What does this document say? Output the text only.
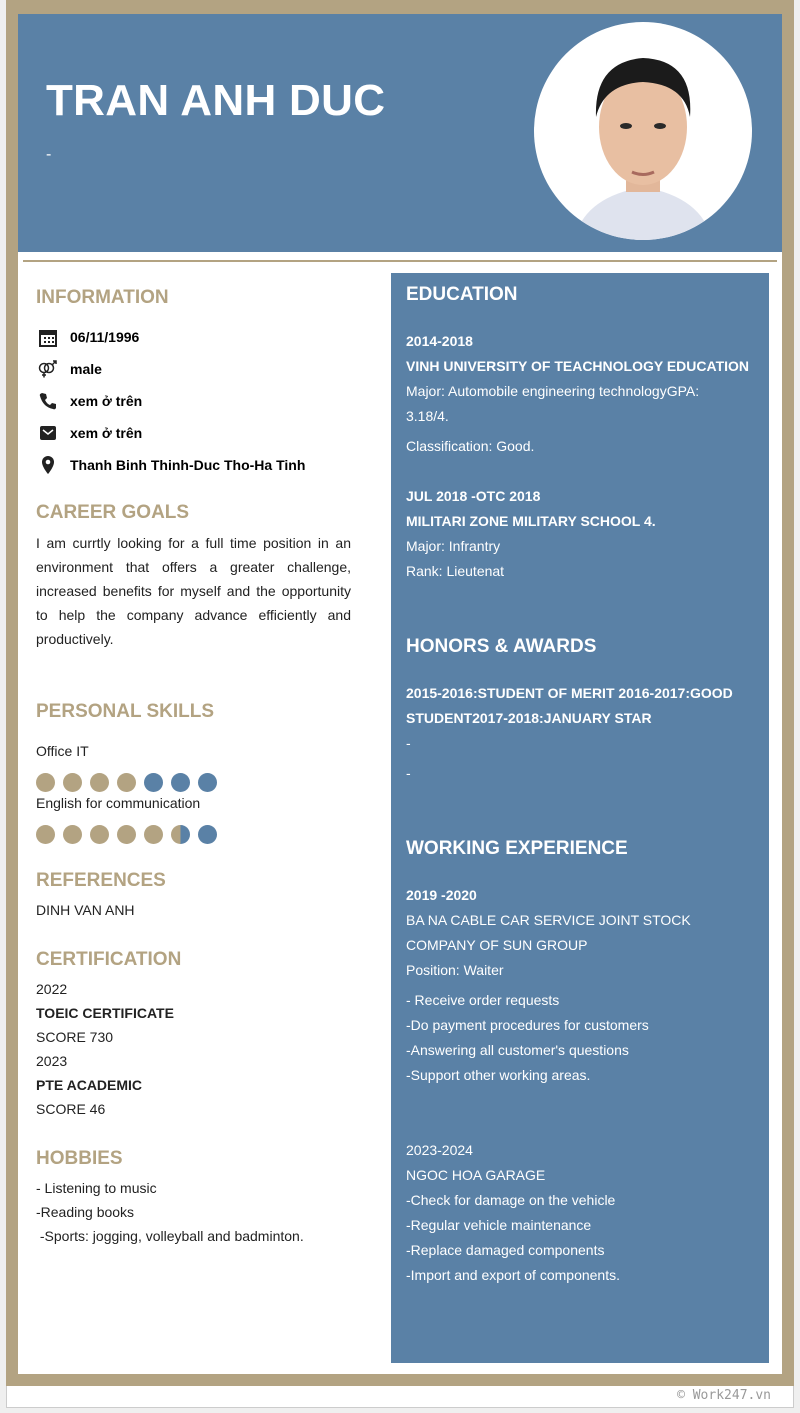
TRAN ANH DUC
-
INFORMATION
06/11/1996
male
xem ở trên
xem ở trên
Thanh Binh Thinh-Duc Tho-Ha Tinh
CAREER GOALS
I am currtly looking for a full time position in an environment that offers a greater challenge, increased benefits for myself and the opportunity to help the company advance efficiently and productively.
PERSONAL SKILLS
Office IT
English for communication
REFERENCES
DINH VAN ANH
CERTIFICATION
2022
TOEIC CERTIFICATE
SCORE 730
2023
PTE ACADEMIC
SCORE 46
HOBBIES
- Listening to music
-Reading books
-Sports: jogging, volleyball and badminton.
EDUCATION
2014-2018
VINH UNIVERSITY OF TEACHNOLOGY EDUCATION
Major: Automobile engineering technologyGPA:
3.18/4.
Classification: Good.
JUL 2018 -OTC 2018
MILITARI ZONE MILITARY SCHOOL 4.
Major: Infrantry
Rank: Lieutenat
HONORS & AWARDS
2015-2016:STUDENT OF MERIT 2016-2017:GOOD
STUDENT2017-2018:JANUARY STAR
-
-
WORKING EXPERIENCE
2019 -2020
BA NA CABLE CAR SERVICE JOINT STOCK
COMPANY OF SUN GROUP
Position: Waiter
- Receive order requests
-Do payment procedures for customers
-Answering all customer's questions
-Support other working areas.
2023-2024
NGOC HOA GARAGE
-Check for damage on the vehicle
-Regular vehicle maintenance
-Replace damaged components
-Import and export of components.
© Work247.vn
